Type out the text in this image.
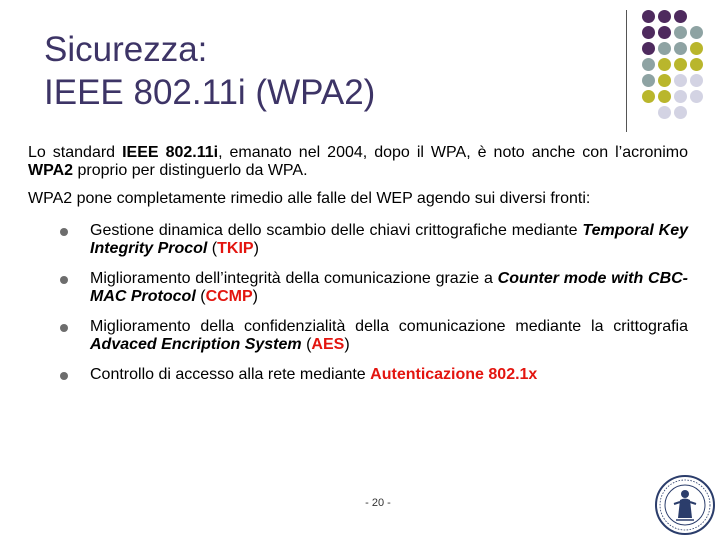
Sicurezza:
IEEE 802.11i (WPA2)

Lo standard IEEE 802.11i, emanato nel 2004, dopo il WPA, è noto anche con l’acronimo WPA2 proprio per distinguerlo da WPA.

WPA2 pone completamente rimedio alle falle del WEP agendo sui diversi fronti:

Gestione dinamica dello scambio delle chiavi crittografiche mediante Temporal Key Integrity Procol (TKIP)
Miglioramento dell’integrità della comunicazione grazie a Counter mode with CBC-MAC Protocol (CCMP)
Miglioramento della confidenzialità della comunicazione mediante la crittografia Advaced Encription System (AES)
Controllo di accesso alla rete mediante Autenticazione 802.1x
- 20 -
